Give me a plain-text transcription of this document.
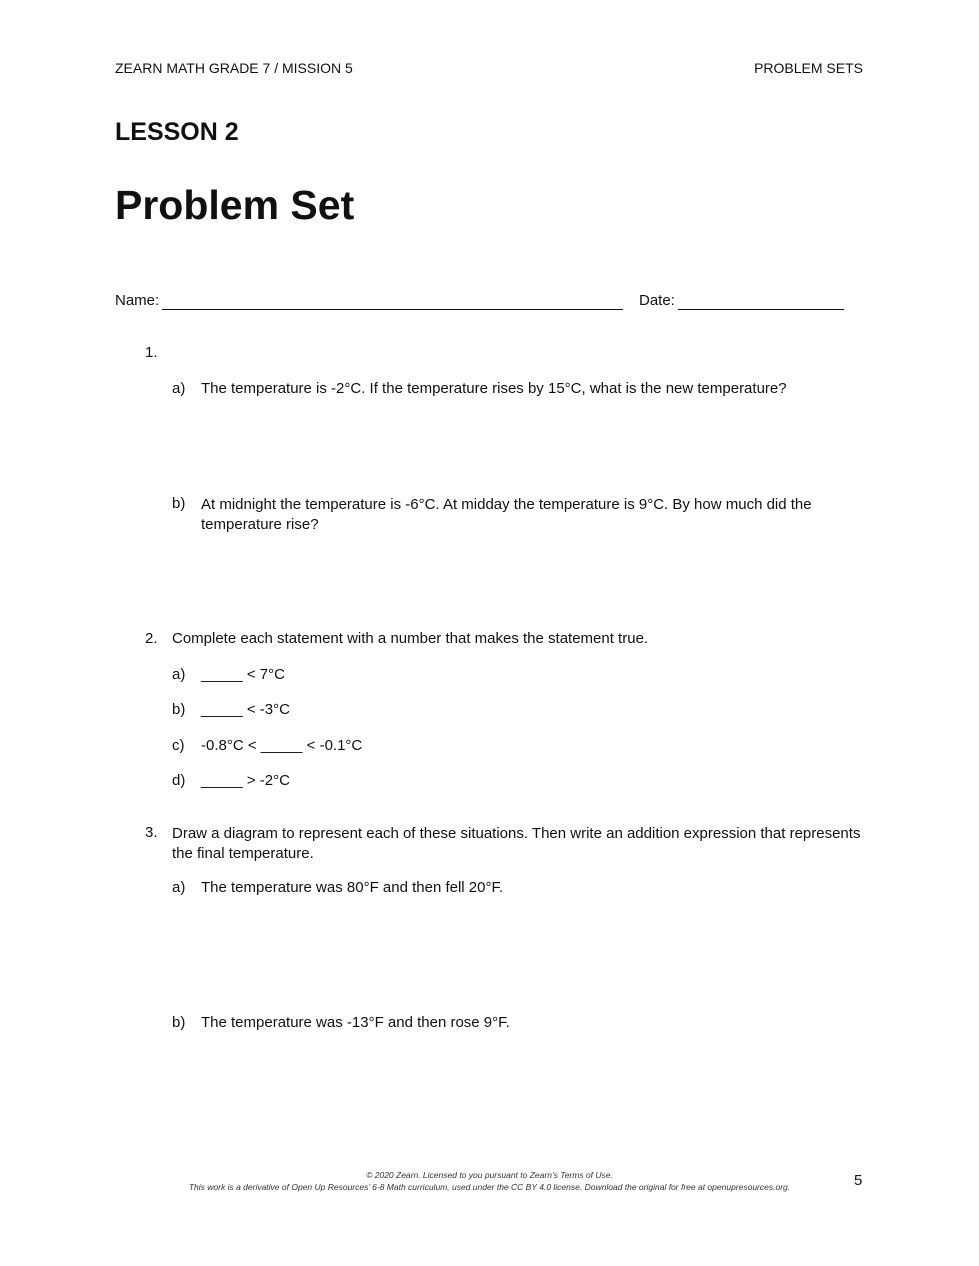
ZEARN MATH GRADE 7 / MISSION 5	PROBLEM SETS
LESSON 2
Problem Set
Name:	Date:
1.
a) The temperature is -2°C. If the temperature rises by 15°C, what is the new temperature?
b) At midnight the temperature is -6°C. At midday the temperature is 9°C. By how much did the temperature rise?
2. Complete each statement with a number that makes the statement true.
a) _____ < 7°C
b) _____ < -3°C
c) -0.8°C < _____ < -0.1°C
d) _____ > -2°C
3. Draw a diagram to represent each of these situations. Then write an addition expression that represents the final temperature.
a) The temperature was 80°F and then fell 20°F.
b) The temperature was -13°F and then rose 9°F.
© 2020 Zearn. Licensed to you pursuant to Zearn’s Terms of Use.
This work is a derivative of Open Up Resources’ 6-8 Math curriculum, used under the CC BY 4.0 license. Download the original for free at openupresources.org.	5
